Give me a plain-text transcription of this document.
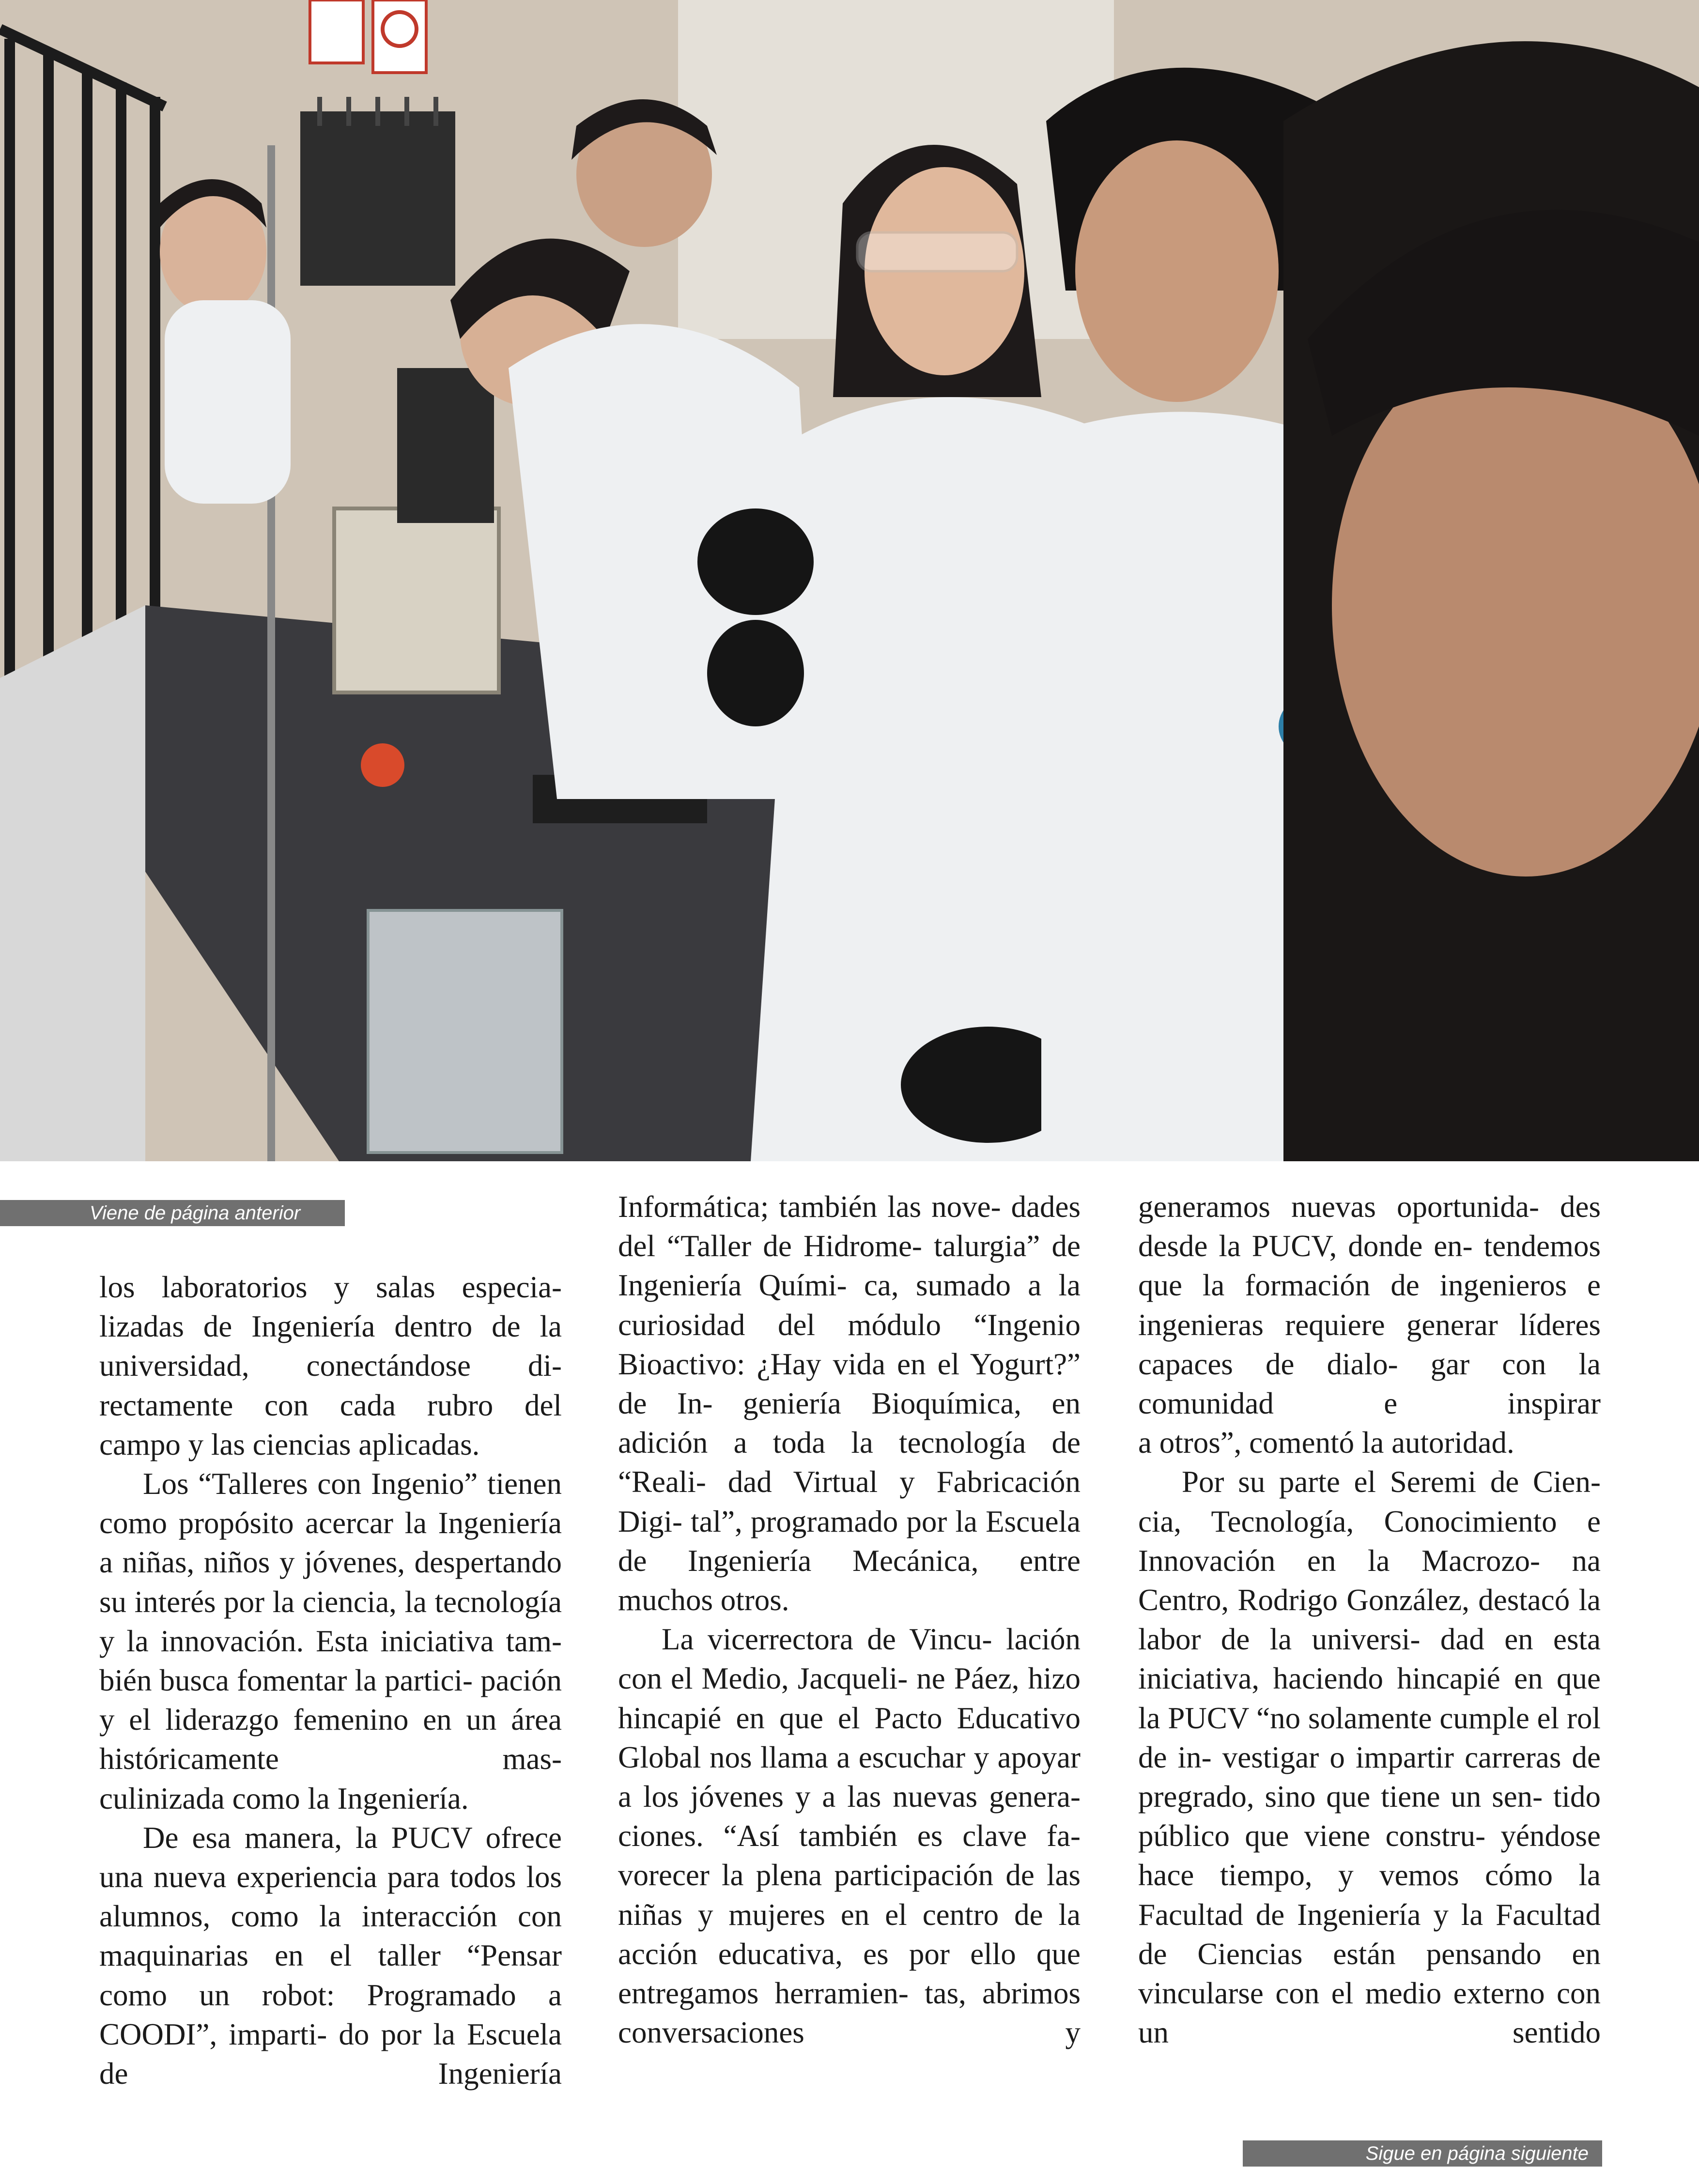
Viene de página anterior

los laboratorios y salas especia- lizadas de Ingeniería dentro de la universidad, conectándose di- rectamente con cada rubro del

campo y las ciencias aplicadas.

Los “Talleres con Ingenio” tienen como propósito acercar la Ingeniería a niñas, niños y jóvenes, despertando su interés por la ciencia, la tecnología y la innovación. Esta iniciativa tam- bién busca fomentar la partici- pación y el liderazgo femenino en un área históricamente mas-

culinizada como la Ingeniería.

De esa manera, la PUCV ofrece una nueva experiencia para todos los alumnos, como la interacción con maquinarias en el taller “Pensar como un robot: Programado a COODI”, imparti- do por la Escuela de Ingeniería

Informática; también las nove- dades del “Taller de Hidrome- talurgia” de Ingeniería Quími- ca, sumado a la curiosidad del módulo “Ingenio Bioactivo: ¿Hay vida en el Yogurt?” de In- geniería Bioquímica, en adición a toda la tecnología de “Reali- dad Virtual y Fabricación Digi- tal”, programado por la Escuela de Ingeniería Mecánica, entre

muchos otros.

La vicerrectora de Vincu- lación con el Medio, Jacqueli- ne Páez, hizo hincapié en que el Pacto Educativo Global nos llama a escuchar y apoyar a los jóvenes y a las nuevas genera- ciones. “Así también es clave fa- vorecer la plena participación de las niñas y mujeres en el centro de la acción educativa, es por ello que entregamos herramien- tas, abrimos conversaciones y

generamos nuevas oportunida- des desde la PUCV, donde en- tendemos que la formación de ingenieros e ingenieras requiere generar líderes capaces de dialo- gar con la comunidad e inspirar

a otros”, comentó la autoridad.

Por su parte el Seremi de Cien- cia, Tecnología, Conocimiento e Innovación en la Macrozo- na Centro, Rodrigo González, destacó la labor de la universi- dad en esta iniciativa, haciendo hincapié en que la PUCV “no solamente cumple el rol de in- vestigar o impartir carreras de pregrado, sino que tiene un sen- tido público que viene constru- yéndose hace tiempo, y vemos cómo la Facultad de Ingeniería y la Facultad de Ciencias están pensando en vincularse con el medio externo con un sentido

Sigue en página siguiente
